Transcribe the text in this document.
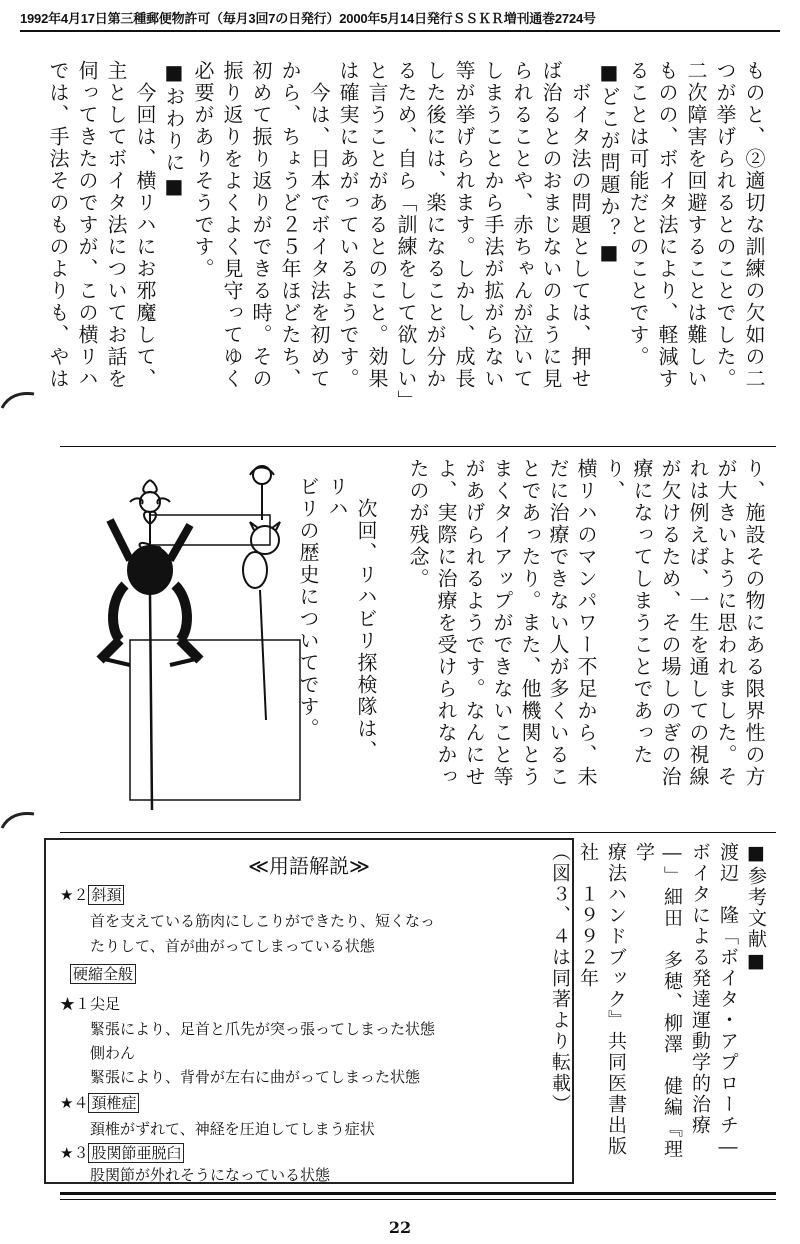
1992年4月17日第三種郵便物許可（毎月3回7の日発行）2000年5月14日発行ＳＳＫＲ増刊通巻2724号
ものと、②適切な訓練の欠如の二
つが挙げられるとのことでした。
二次障害を回避することは難しい
ものの、ボイタ法により、軽減す
ることは可能だとのことです。
■どこが問題か？■
　ボイタ法の問題としては、押せ
ば治るとのおまじないのように見
られることや、赤ちゃんが泣いて
しまうことから手法が拡がらない
等が挙げられます。しかし、成長
した後には、楽になることが分か
るため、自ら「訓練をして欲しい」
と言うことがあるとのこと。効果
は確実にあがっているようです。
　今は、日本でボイタ法を初めて
から、ちょうど２５年ほどたち、
初めて振り返りができる時。その
振り返りをよくよく見守ってゆく
必要がありそうです。
■おわりに■
　今回は、横リハにお邪魔して、
主としてボイタ法についてお話を
伺ってきたのですが、この横リハ
では、手法そのものよりも、やは
り、施設その物にある限界性の方
が大きいように思われました。そ
れは例えば、一生を通しての視線
が欠けるため、その場しのぎの治
療になってしまうことであったり、
横リハのマンパワー不足から、未
だに治療できない人が多くいるこ
とであったり。また、他機関とう
まくタイアップができないこと等
があげられるようです。なんにせ
よ、実際に治療を受けられなかっ
たのが残念。
　次回、リハビリ探検隊は、リハ
ビリの歴史についてです。
■参考文献■
渡辺　隆「ボイタ・アプローチ―
ボイタによる発達運動学的治療
―」細田　多穂、柳澤　健編『理学
療法ハンドブック』共同医書出版
社　１９９２年
（図３、４は同著より転載）
≪用語解説≫
★２ 斜頚
首を支えている筋肉にしこりができたり、短くなっ
たりして、首が曲がってしまっている状態
硬縮全般
★１尖足
緊張により、足首と爪先が突っ張ってしまった状態
側わん
緊張により、背骨が左右に曲がってしまった状態
★４ 頚椎症
頚椎がずれて、神経を圧迫してしまう症状
★３ 股関節亜脱臼
股関節が外れそうになっている状態
22
